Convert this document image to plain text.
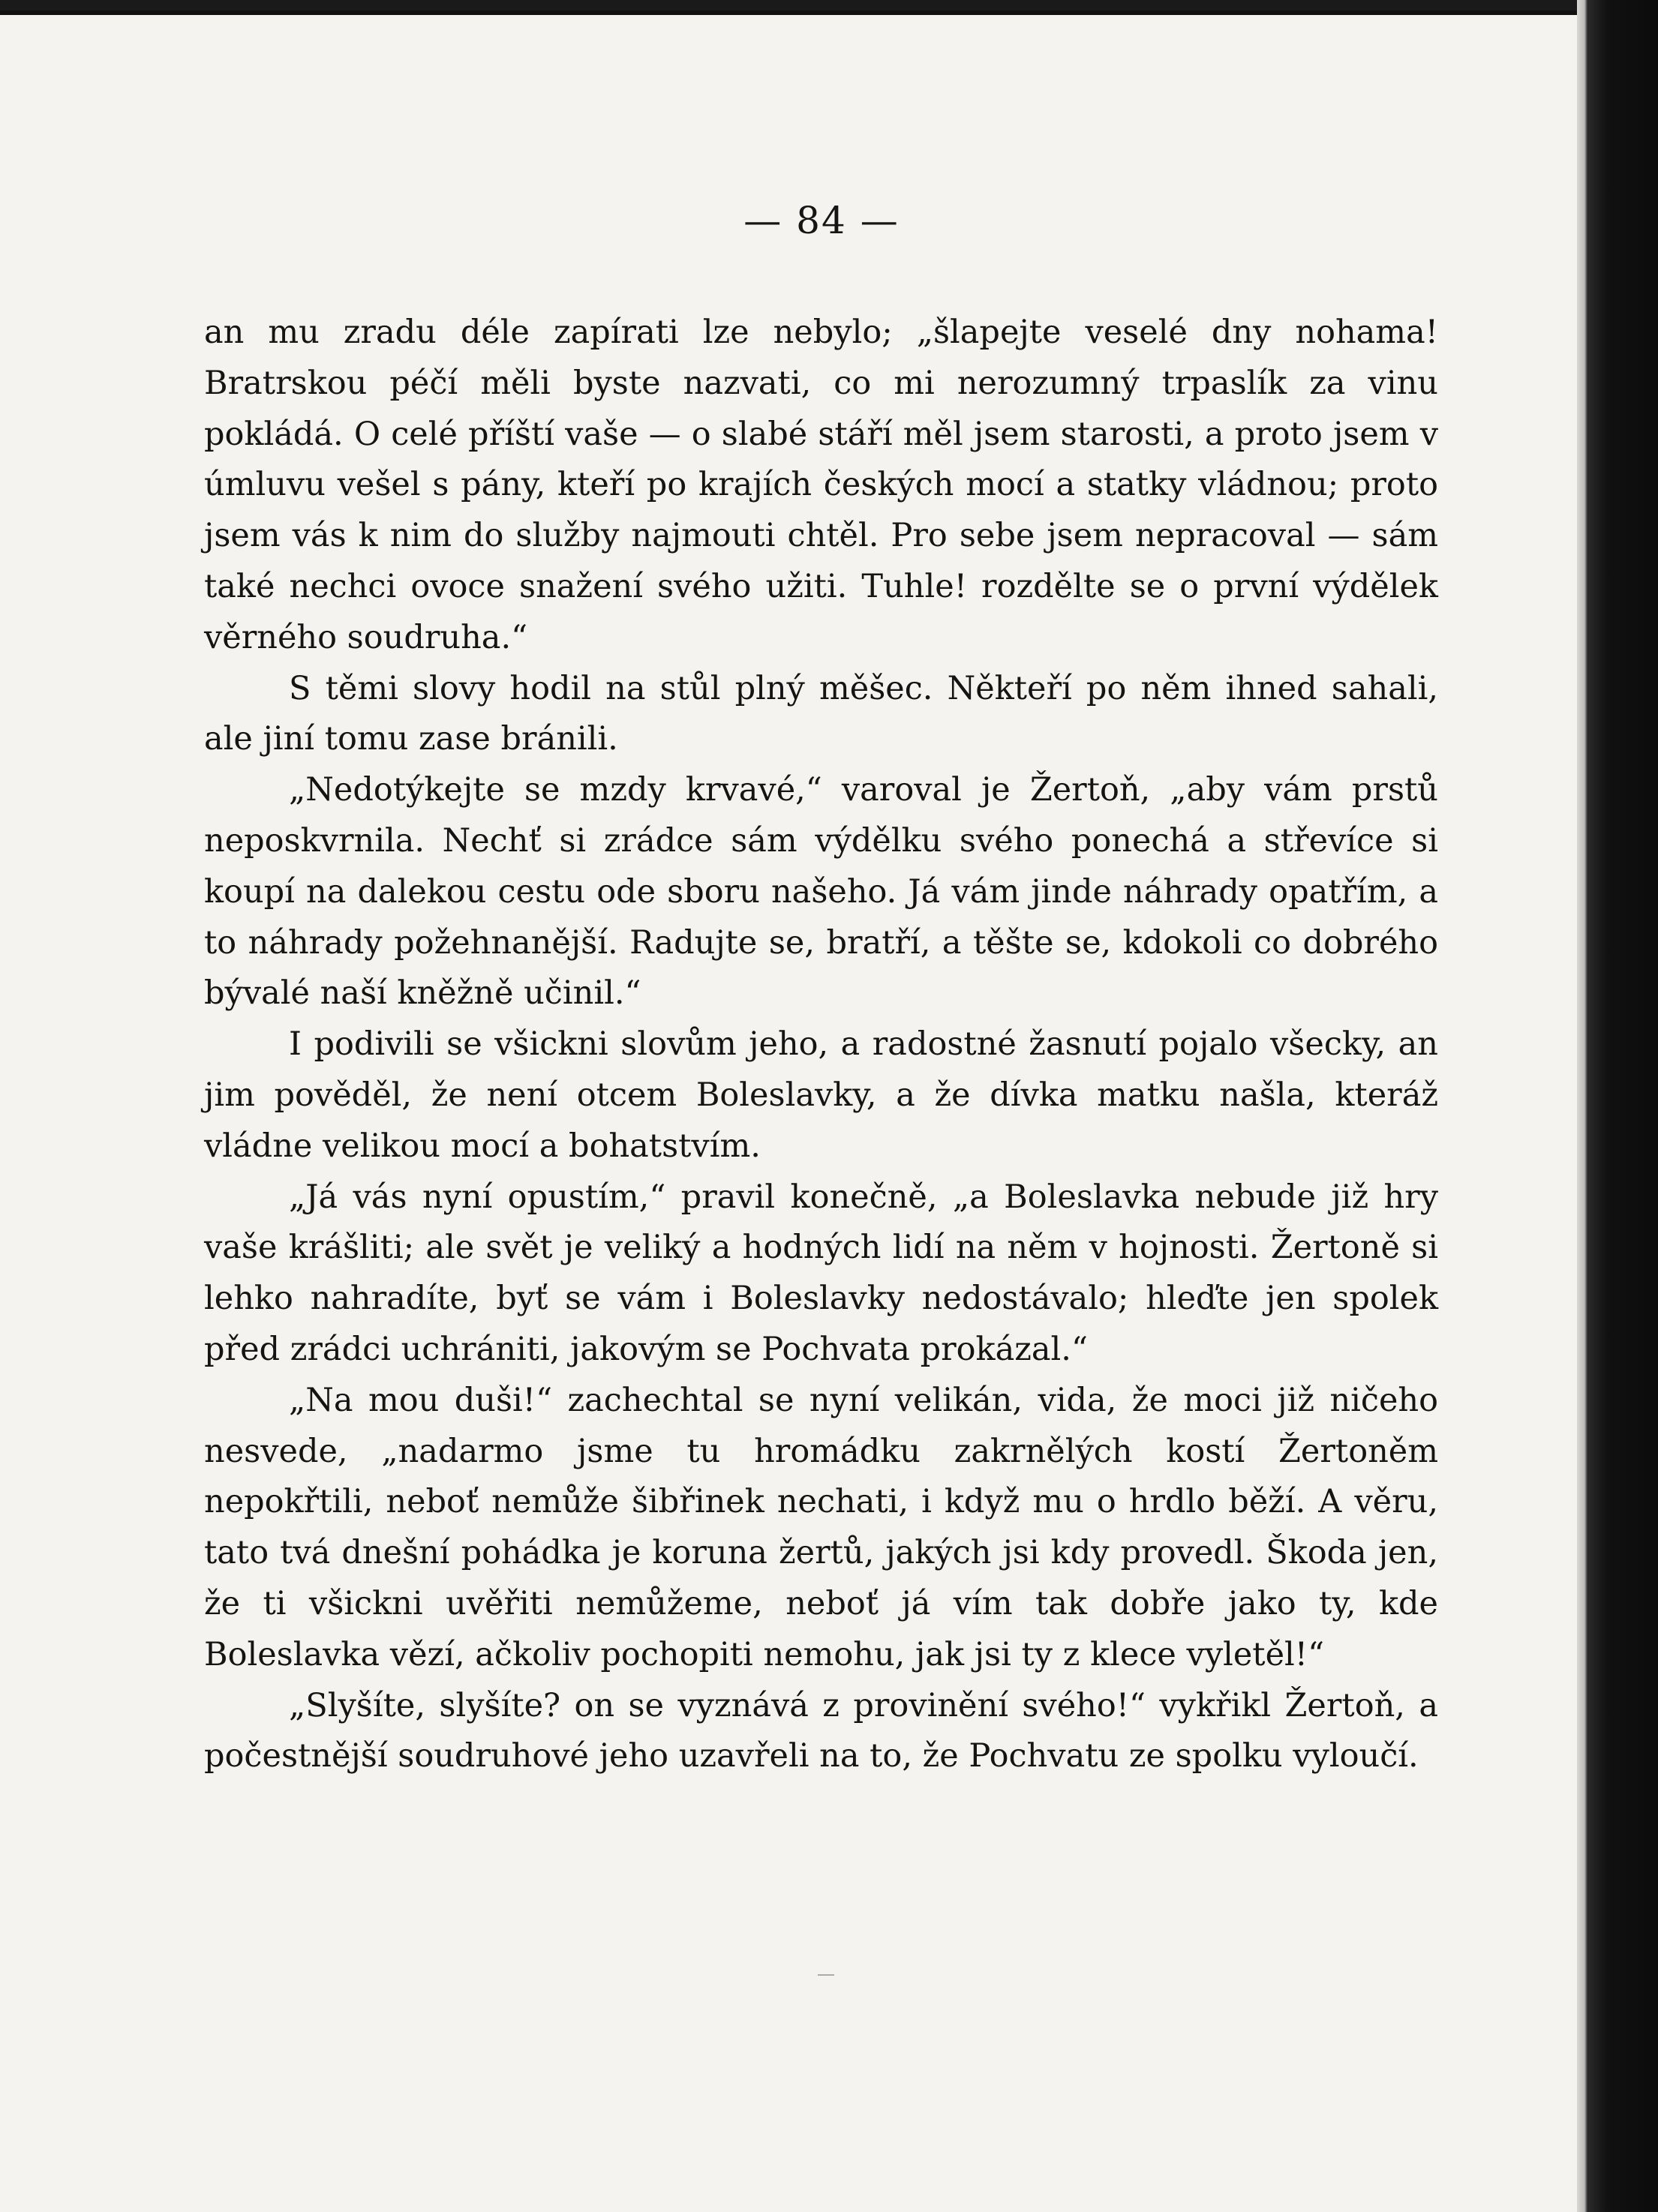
— 84 —

an mu zradu déle zapírati lze nebylo; „šlapejte veselé dny nohama! Bratrskou péčí měli byste nazvati, co mi nerozumný trpaslík za vinu pokládá. O celé příští vaše — o slabé stáří měl jsem starosti, a proto jsem v úmluvu vešel s pány, kteří po krajích českých mocí a statky vládnou; proto jsem vás k nim do služby najmouti chtěl. Pro sebe jsem nepracoval — sám také nechci ovoce snažení svého užiti. Tuhle! rozdělte se o první výdělek věrného soudruha.“

S těmi slovy hodil na stůl plný měšec. Někteří po něm ihned sahali, ale jiní tomu zase bránili.

„Nedotýkejte se mzdy krvavé,“ varoval je Žertoň, „aby vám prstů neposkvrnila. Nechť si zrádce sám výdělku svého ponechá a střevíce si koupí na dalekou cestu ode sboru našeho. Já vám jinde náhrady opatřím, a to náhrady požehnanější. Radujte se, bratří, a těšte se, kdokoli co dobrého bývalé naší kněžně učinil.“

I podivili se všickni slovům jeho, a radostné žasnutí pojalo všecky, an jim pověděl, že není otcem Boleslavky, a že dívka matku našla, kteráž vládne velikou mocí a bohatstvím.

„Já vás nyní opustím,“ pravil konečně, „a Boleslavka nebude již hry vaše krášliti; ale svět je veliký a hodných lidí na něm v hojnosti. Žertoně si lehko nahradíte, byť se vám i Boleslavky nedostávalo; hleďte jen spolek před zrádci uchrániti, jakovým se Pochvata prokázal.“

„Na mou duši!“ zachechtal se nyní velikán, vida, že moci již ničeho nesvede, „nadarmo jsme tu hromádku zakrnělých kostí Žertoněm nepokřtili, neboť nemůže šibřinek nechati, i když mu o hrdlo běží. A věru, tato tvá dnešní pohádka je koruna žertů, jakých jsi kdy provedl. Škoda jen, že ti všickni uvěřiti nemůžeme, neboť já vím tak dobře jako ty, kde Boleslavka vězí, ačkoliv pochopiti nemohu, jak jsi ty z klece vyletěl!“

„Slyšíte, slyšíte? on se vyznává z provinění svého!“ vykřikl Žertoň, a počestnější soudruhové jeho uzavřeli na to, že Pochvatu ze spolku vyloučí.
